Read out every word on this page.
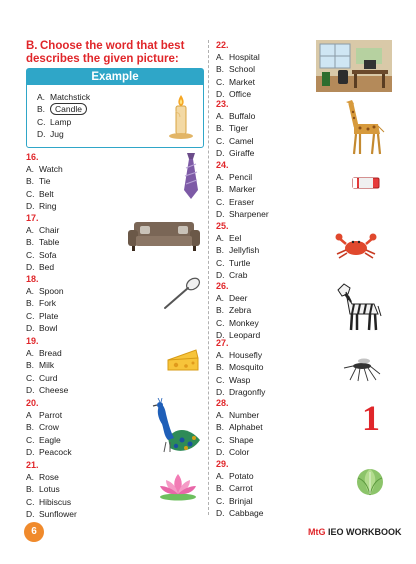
B. Choose the word that best describes the given picture:
Example
A. Matchstick
B. Candle
C. Lamp
D. Jug
16.
A. Watch
B. Tie
C. Belt
D. Ring
17.
A. Chair
B. Table
C. Sofa
D. Bed
18.
A. Spoon
B. Fork
C. Plate
D. Bowl
19.
A. Bread
B. Milk
C. Curd
D. Cheese
20.
A Parrot
B. Crow
C. Eagle
D. Peacock
21.
A. Rose
B. Lotus
C. Hibiscus
D. Sunflower
22.
A. Hospital
B. School
C. Market
D. Office
23.
A. Buffalo
B. Tiger
C. Camel
D. Giraffe
24.
A. Pencil
B. Marker
C. Eraser
D. Sharpener
25.
A. Eel
B. Jellyfish
C. Turtle
D. Crab
26.
A. Deer
B. Zebra
C. Monkey
D. Leopard
27.
A. Housefly
B. Mosquito
C. Wasp
D. Dragonfly
28.
A. Number
B. Alphabet
C. Shape
D. Color
1
29.
A. Potato
B. Carrot
C. Brinjal
D. Cabbage
6	MtG IEO WORKBOOK
